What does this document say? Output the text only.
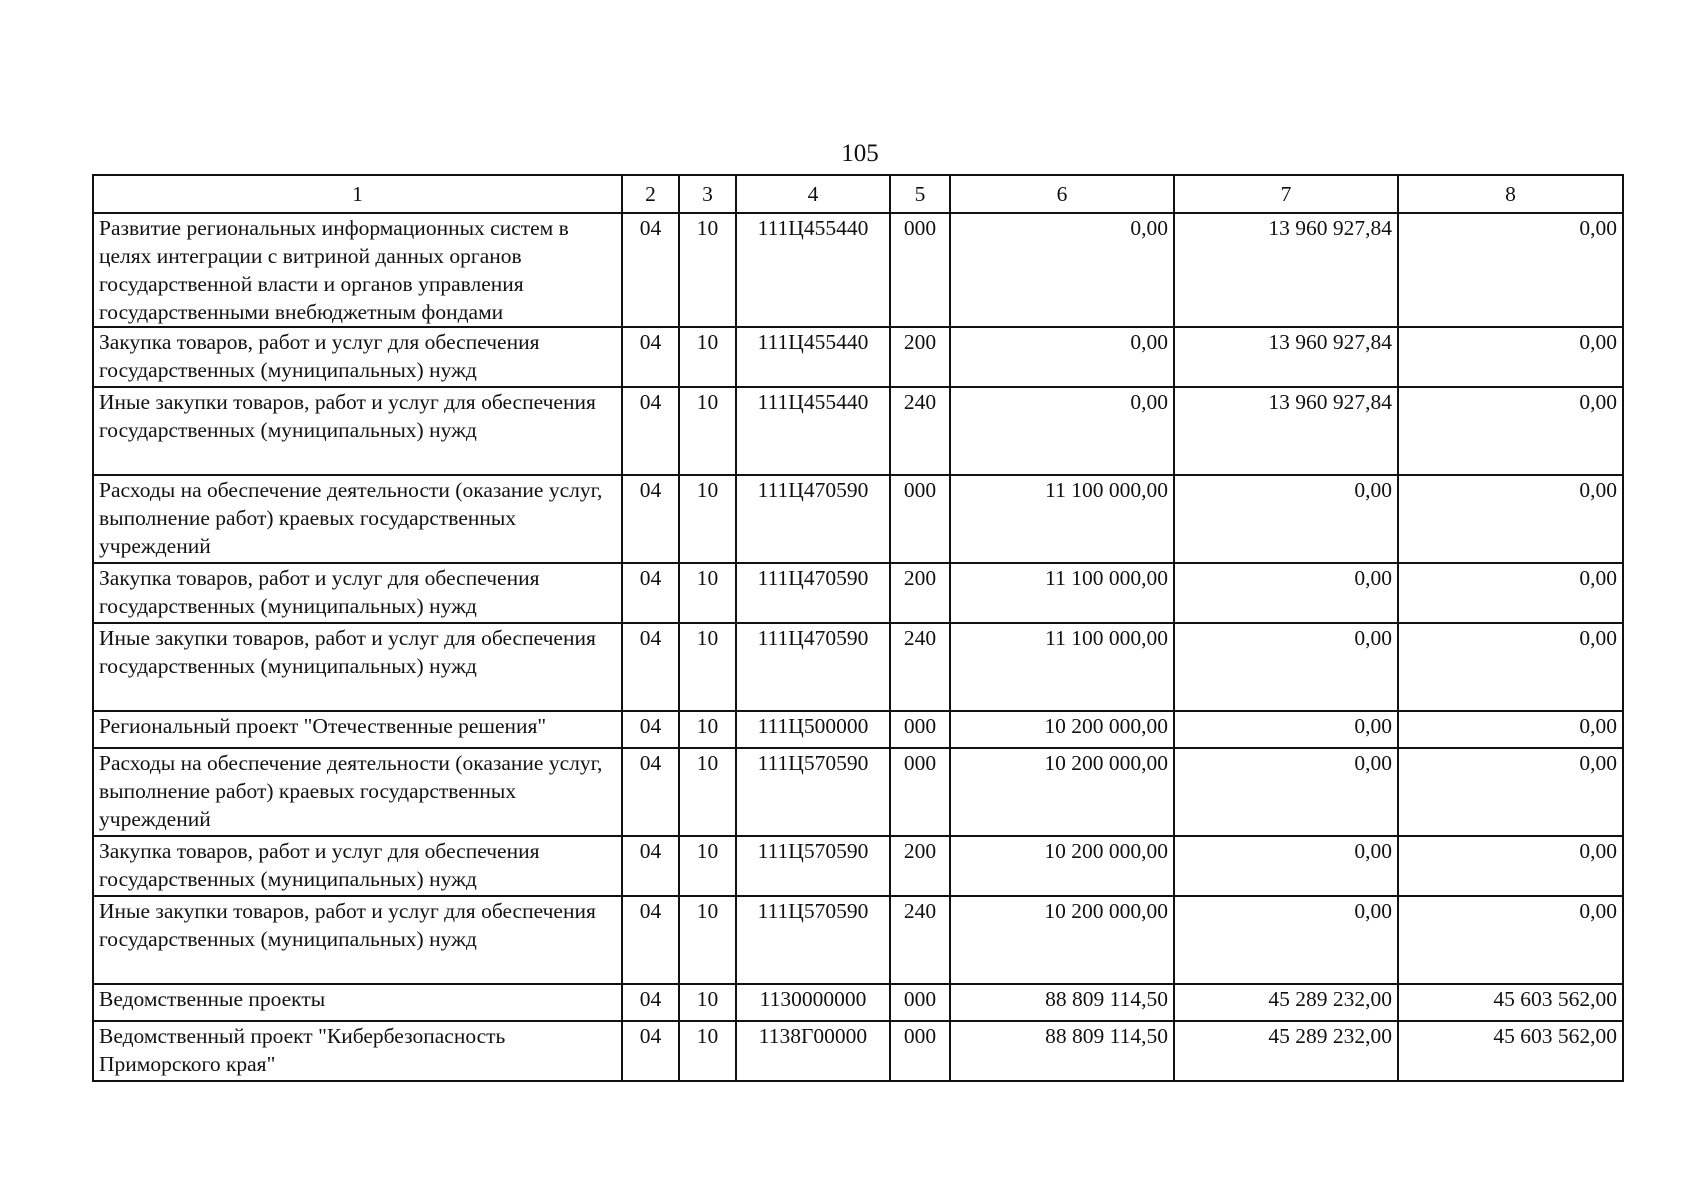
105
1	2	3	4	5	6	7	8
Развитие региональных информационных систем в целях интеграции с витриной данных органов государственной власти и органов управления государственными внебюджетным фондами	04	10	111Ц455440	000	0,00	13 960 927,84	0,00
Закупка товаров, работ и услуг для обеспечения государственных (муниципальных) нужд	04	10	111Ц455440	200	0,00	13 960 927,84	0,00
Иные закупки товаров, работ и услуг для обеспечения государственных (муниципальных) нужд	04	10	111Ц455440	240	0,00	13 960 927,84	0,00
Расходы на обеспечение деятельности (оказание услуг, выполнение работ) краевых государственных учреждений	04	10	111Ц470590	000	11 100 000,00	0,00	0,00
Закупка товаров, работ и услуг для обеспечения государственных (муниципальных) нужд	04	10	111Ц470590	200	11 100 000,00	0,00	0,00
Иные закупки товаров, работ и услуг для обеспечения государственных (муниципальных) нужд	04	10	111Ц470590	240	11 100 000,00	0,00	0,00
Региональный проект "Отечественные решения"	04	10	111Ц500000	000	10 200 000,00	0,00	0,00
Расходы на обеспечение деятельности (оказание услуг, выполнение работ) краевых государственных учреждений	04	10	111Ц570590	000	10 200 000,00	0,00	0,00
Закупка товаров, работ и услуг для обеспечения государственных (муниципальных) нужд	04	10	111Ц570590	200	10 200 000,00	0,00	0,00
Иные закупки товаров, работ и услуг для обеспечения государственных (муниципальных) нужд	04	10	111Ц570590	240	10 200 000,00	0,00	0,00
Ведомственные проекты	04	10	1130000000	000	88 809 114,50	45 289 232,00	45 603 562,00
Ведомственный проект "Кибербезопасность Приморского края"	04	10	1138Г00000	000	88 809 114,50	45 289 232,00	45 603 562,00
